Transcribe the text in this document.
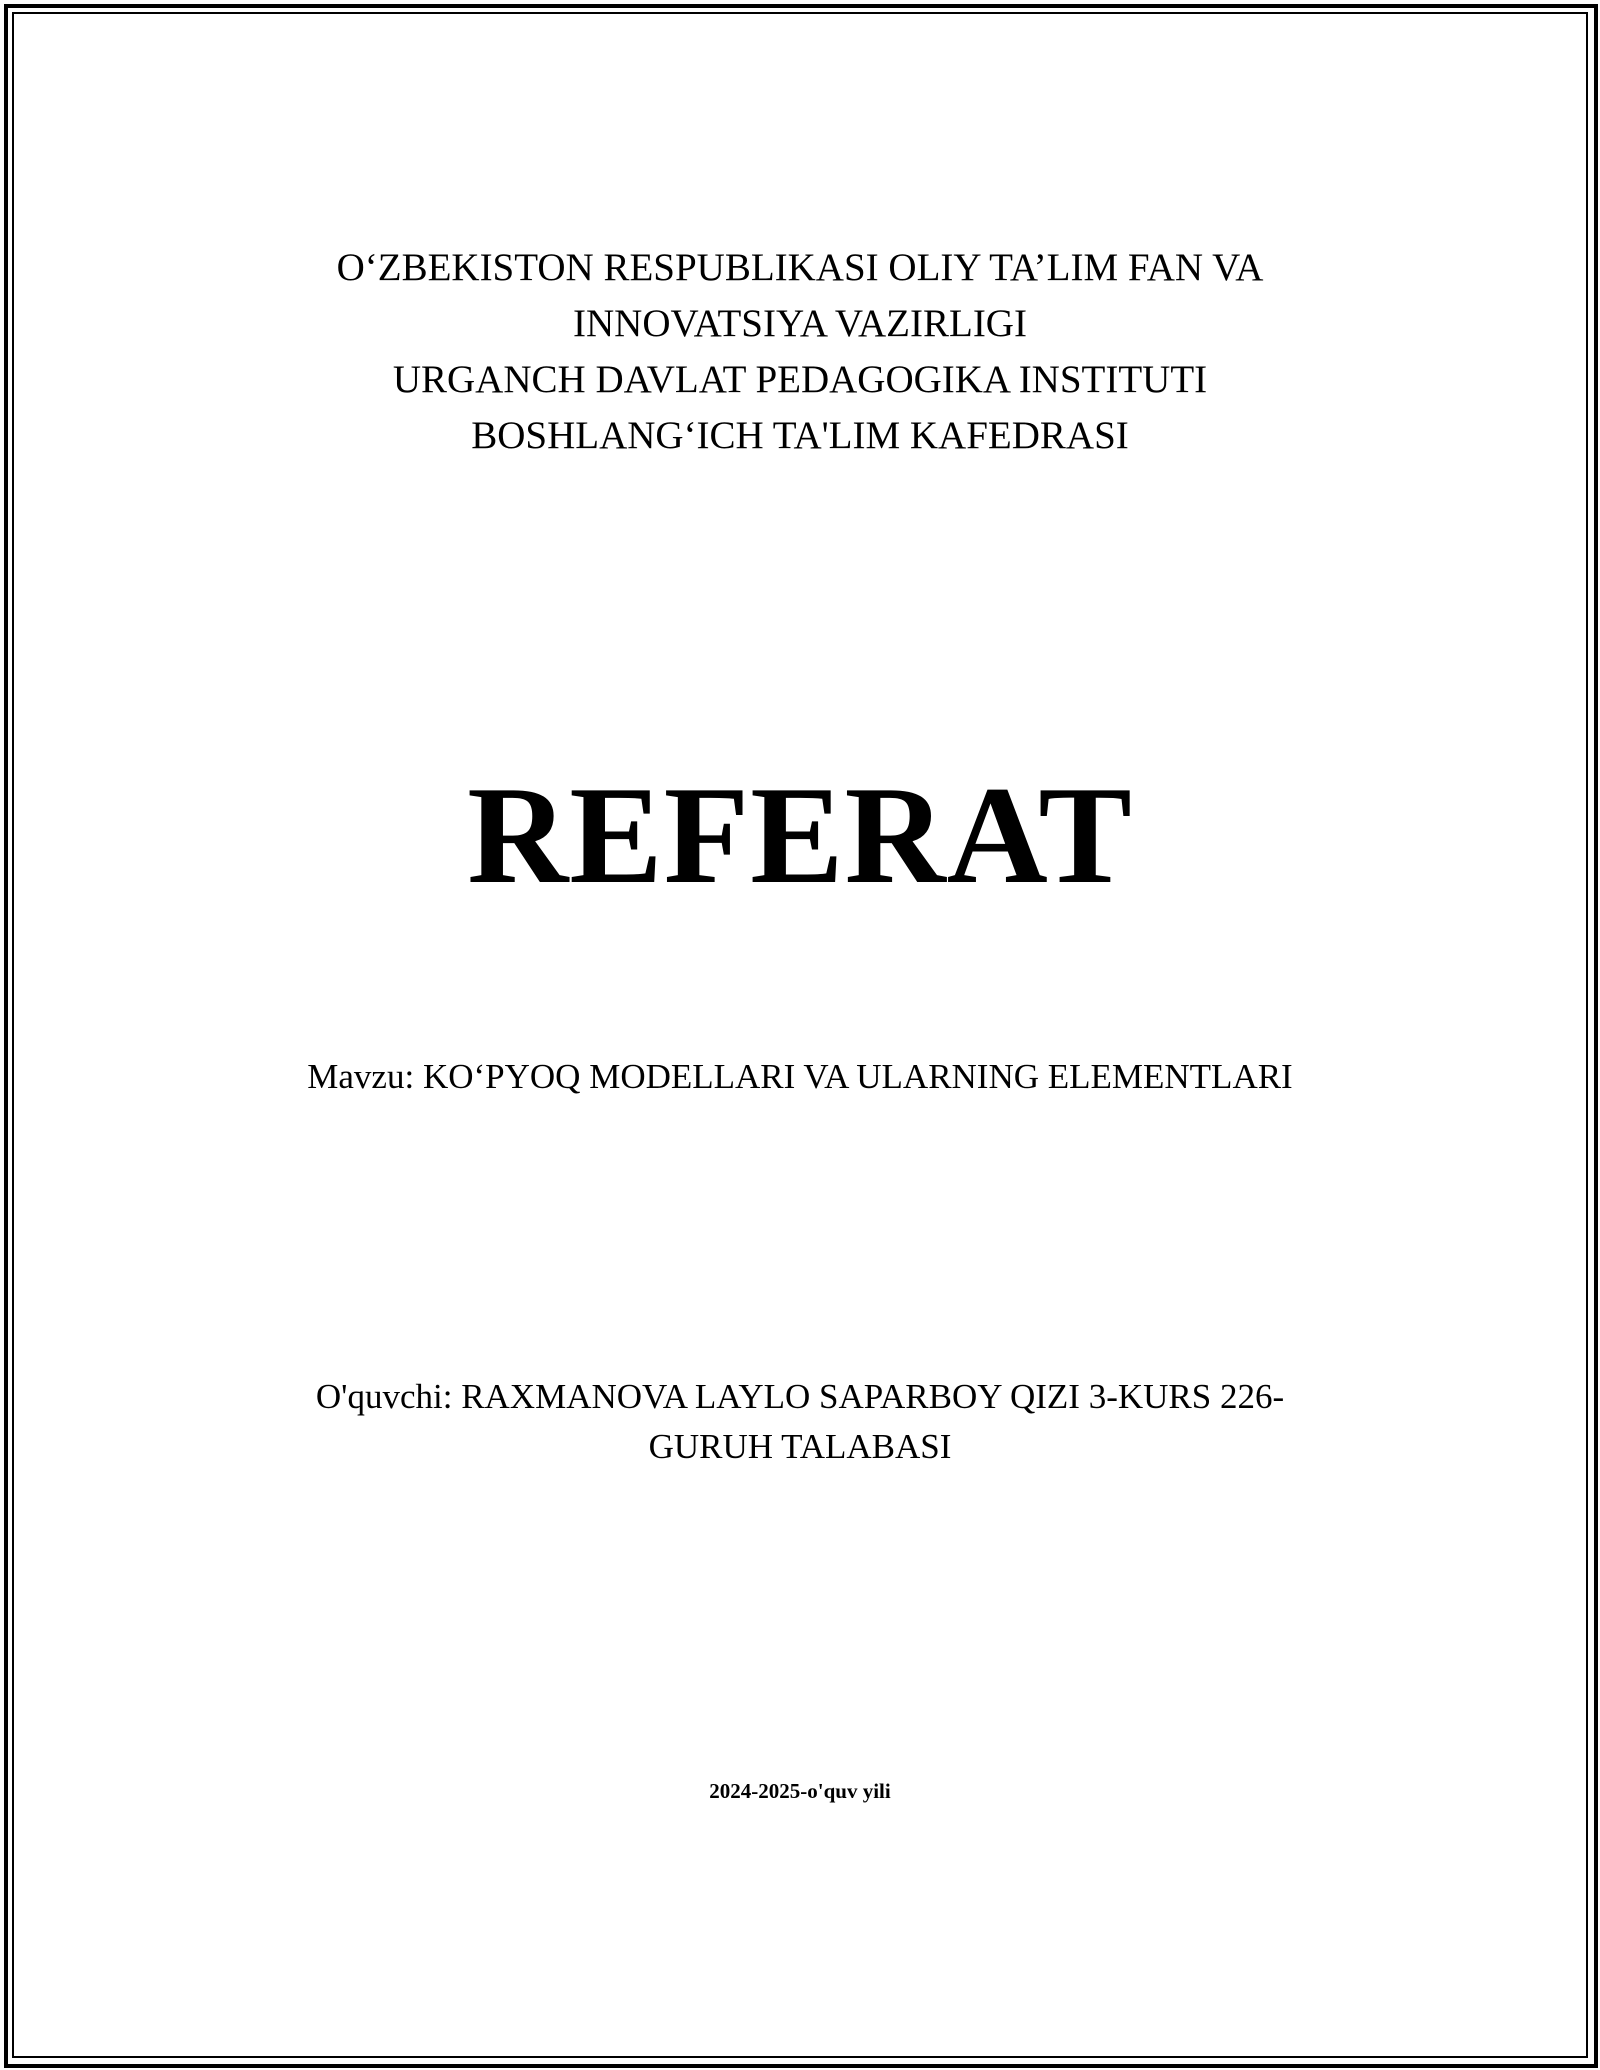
O‘ZBEKISTON RESPUBLIKASI OLIY TA’LIM FAN VA
INNOVATSIYA VAZIRLIGI
URGANCH DAVLAT PEDAGOGIKA INSTITUTI
BOSHLANG‘ICH TA'LIM KAFEDRASI
REFERAT
Mavzu: KO‘PYOQ MODELLARI VA ULARNING ELEMENTLARI
O'quvchi: RAXMANOVA LAYLO SAPARBOY QIZI 3-KURS 226-
GURUH TALABASI
2024-2025-o'quv yili
